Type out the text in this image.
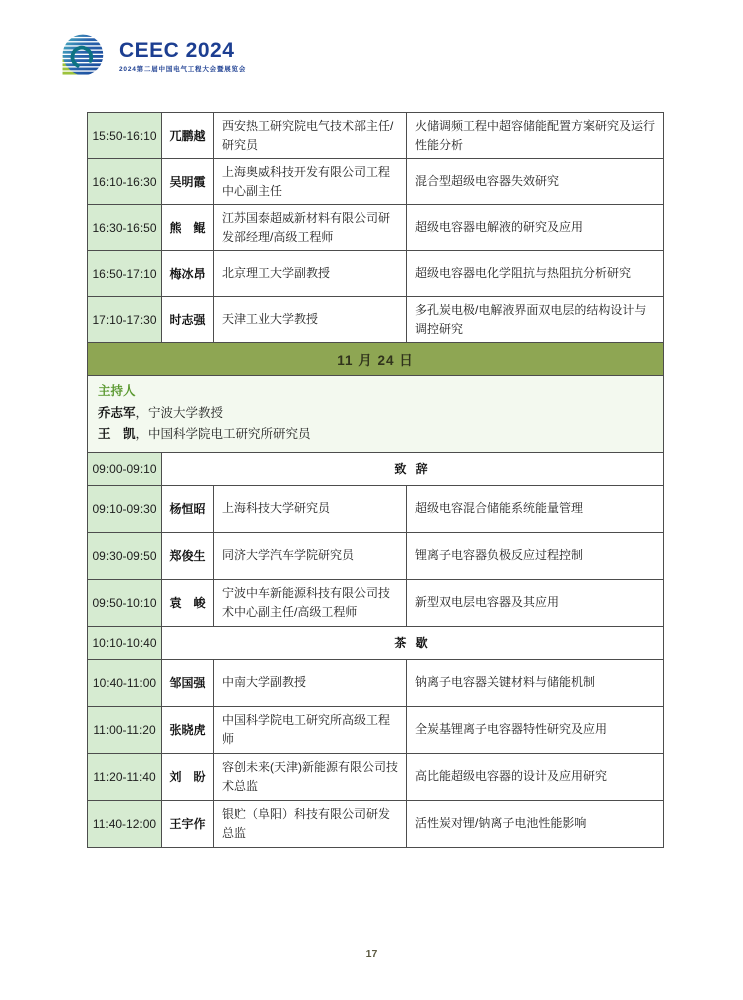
CEEC 2024
2024第二届中国电气工程大会暨展览会
15:50-16:10	兀鹏越	西安热工研究院电气技术部主任/研究员	火储调频工程中超容储能配置方案研究及运行性能分析
16:10-16:30	吴明霞	上海奥威科技开发有限公司工程中心副主任	混合型超级电容器失效研究
16:30-16:50	熊　鲲	江苏国泰超威新材料有限公司研发部经理/高级工程师	超级电容器电解液的研究及应用
16:50-17:10	梅冰昂	北京理工大学副教授	超级电容器电化学阻抗与热阻抗分析研究
17:10-17:30	时志强	天津工业大学教授	多孔炭电极/电解液界面双电层的结构设计与调控研究
11 月 24 日			

主持人
乔志军，宁波大学教授
王　凯，中国科学院电工研究所研究员			

09:00-09:10	致 辞		
09:10-09:30	杨恒昭	上海科技大学研究员	超级电容混合储能系统能量管理
09:30-09:50	郑俊生	同济大学汽车学院研究员	锂离子电容器负极反应过程控制
09:50-10:10	袁　峻	宁波中车新能源科技有限公司技术中心副主任/高级工程师	新型双电层电容器及其应用
10:10-10:40	茶 歇		
10:40-11:00	邹国强	中南大学副教授	钠离子电容器关键材料与储能机制
11:00-11:20	张晓虎	中国科学院电工研究所高级工程师	全炭基锂离子电容器特性研究及应用
11:20-11:40	刘　盼	容创未来(天津)新能源有限公司技术总监	高比能超级电容器的设计及应用研究
11:40-12:00	王宇作	银贮（阜阳）科技有限公司研发总监	活性炭对锂/钠离子电池性能影响
17
